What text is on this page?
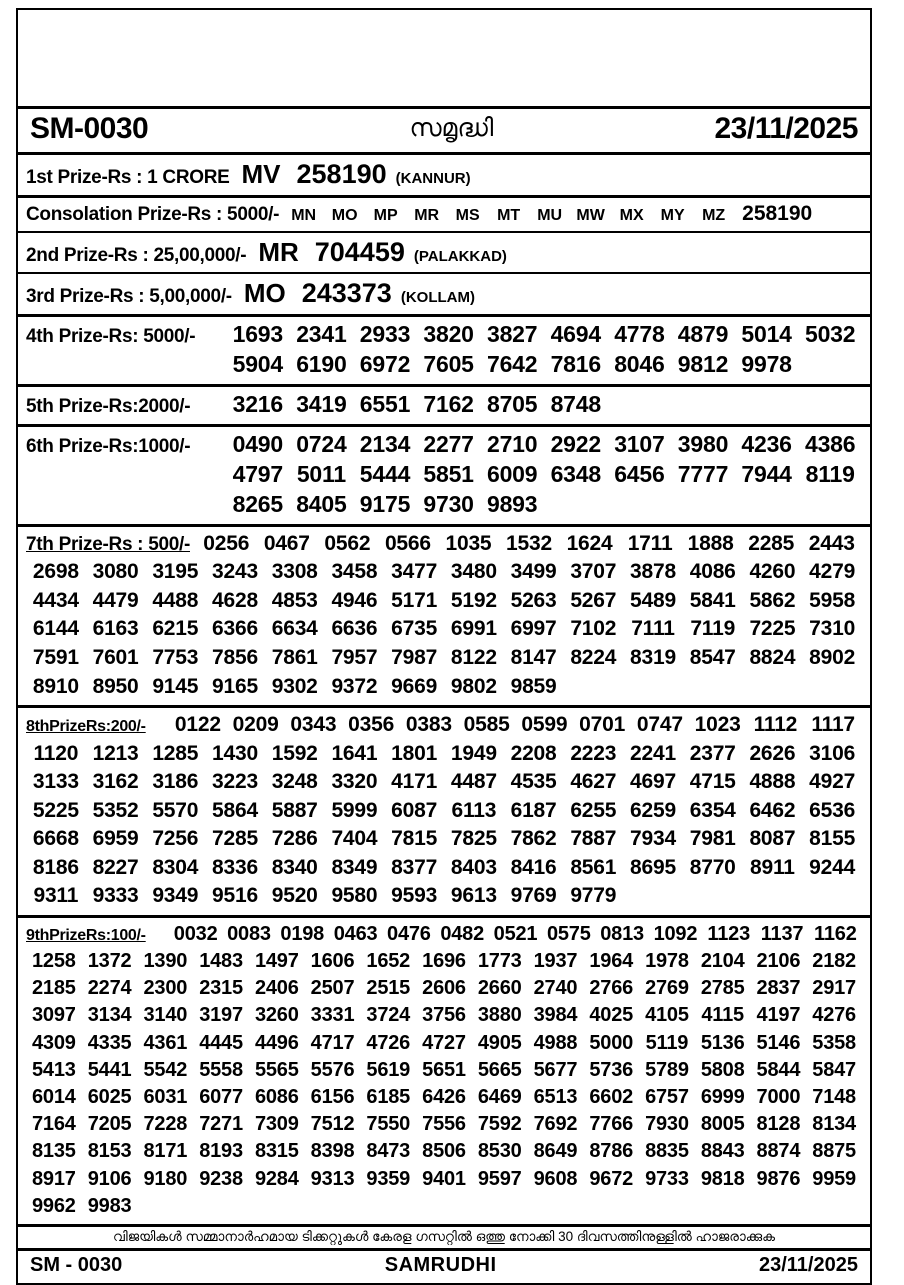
SM-0030	സമൃദ്ധി	23/11/2025
1st Prize-Rs : 1 CRORE MV 258190 (KANNUR)
Consolation Prize-Rs : 5000/- MN MO	MP	MR	MS	MT	MU MW MX	MY	MZ 258190
2nd Prize-Rs : 25,00,000/- MR 704459 (PALAKKAD)
3rd Prize-Rs : 5,00,000/- MO 243373 (KOLLAM)
4th Prize-Rs: 5000/-	1693 2341 2933 3820 3827 4694 4778 4879 5014 5032
5904 6190 6972 7605 7642 7816 8046 9812 9978
5th Prize-Rs:2000/-	3216 3419 6551 7162 8705 8748
6th Prize-Rs:1000/-	0490 0724 2134 2277 2710 2922 3107 3980 4236 4386
4797 5011 5444 5851 6009 6348 6456 7777 7944 8119
8265 8405 9175 9730 9893
7th Prize-Rs : 500/- 0256 0467 0562 0566 1035 1532 1624 1711 1888 2285 2443
2698 3080 3195 3243 3308 3458 3477 3480 3499 3707 3878 4086 4260 4279
4434 4479 4488 4628 4853 4946 5171 5192 5263 5267 5489 5841 5862 5958
6144 6163 6215 6366 6634 6636 6735 6991 6997 7102 7111 7119 7225 7310
7591 7601 7753 7856 7861 7957 7987 8122 8147 8224 8319 8547 8824 8902
8910 8950 9145 9165 9302 9372 9669 9802 9859
8thPrizeRs:200/-	0122 0209 0343 0356 0383 0585 0599 0701 0747 1023 1112 1117
1120 1213 1285 1430 1592 1641 1801 1949 2208 2223 2241 2377 2626 3106
3133 3162 3186 3223 3248 3320 4171 4487 4535 4627 4697 4715 4888 4927
5225 5352 5570 5864 5887 5999 6087 6113 6187 6255 6259 6354 6462 6536
6668 6959 7256 7285 7286 7404 7815 7825 7862 7887 7934 7981 8087 8155
8186 8227 8304 8336 8340 8349 8377 8403 8416 8561 8695 8770 8911 9244
9311 9333 9349 9516 9520 9580 9593 9613 9769 9779
9thPrizeRs:100/-	0032 0083 0198 0463 0476 0482 0521 0575 0813 1092 1123 1137 1162
1258 1372 1390 1483 1497 1606 1652 1696 1773 1937 1964 1978 2104 2106 2182
2185 2274 2300 2315 2406 2507 2515 2606 2660 2740 2766 2769 2785 2837 2917
3097 3134 3140 3197 3260 3331 3724 3756 3880 3984 4025 4105 4115 4197 4276
4309 4335 4361 4445 4496 4717 4726 4727 4905 4988 5000 5119 5136 5146 5358
5413 5441 5542 5558 5565 5576 5619 5651 5665 5677 5736 5789 5808 5844 5847
6014 6025 6031 6077 6086 6156 6185 6426 6469 6513 6602 6757 6999 7000 7148
7164 7205 7228 7271 7309 7512 7550 7556 7592 7692 7766 7930 8005 8128 8134
8135 8153 8171 8193 8315 8398 8473 8506 8530 8649 8786 8835 8843 8874 8875
8917 9106 9180 9238 9284 9313 9359 9401 9597 9608 9672 9733 9818 9876 9959
9962 9983
വിജയികൾ സമ്മാനാർഹമായ ടിക്കറ്റുകൾ കേരള ഗസറ്റിൽ ഒത്തു നോക്കി 30 ദിവസത്തിനുള്ളിൽ ഹാജരാക്കുക
SM - 0030	SAMRUDHI	23/11/2025
